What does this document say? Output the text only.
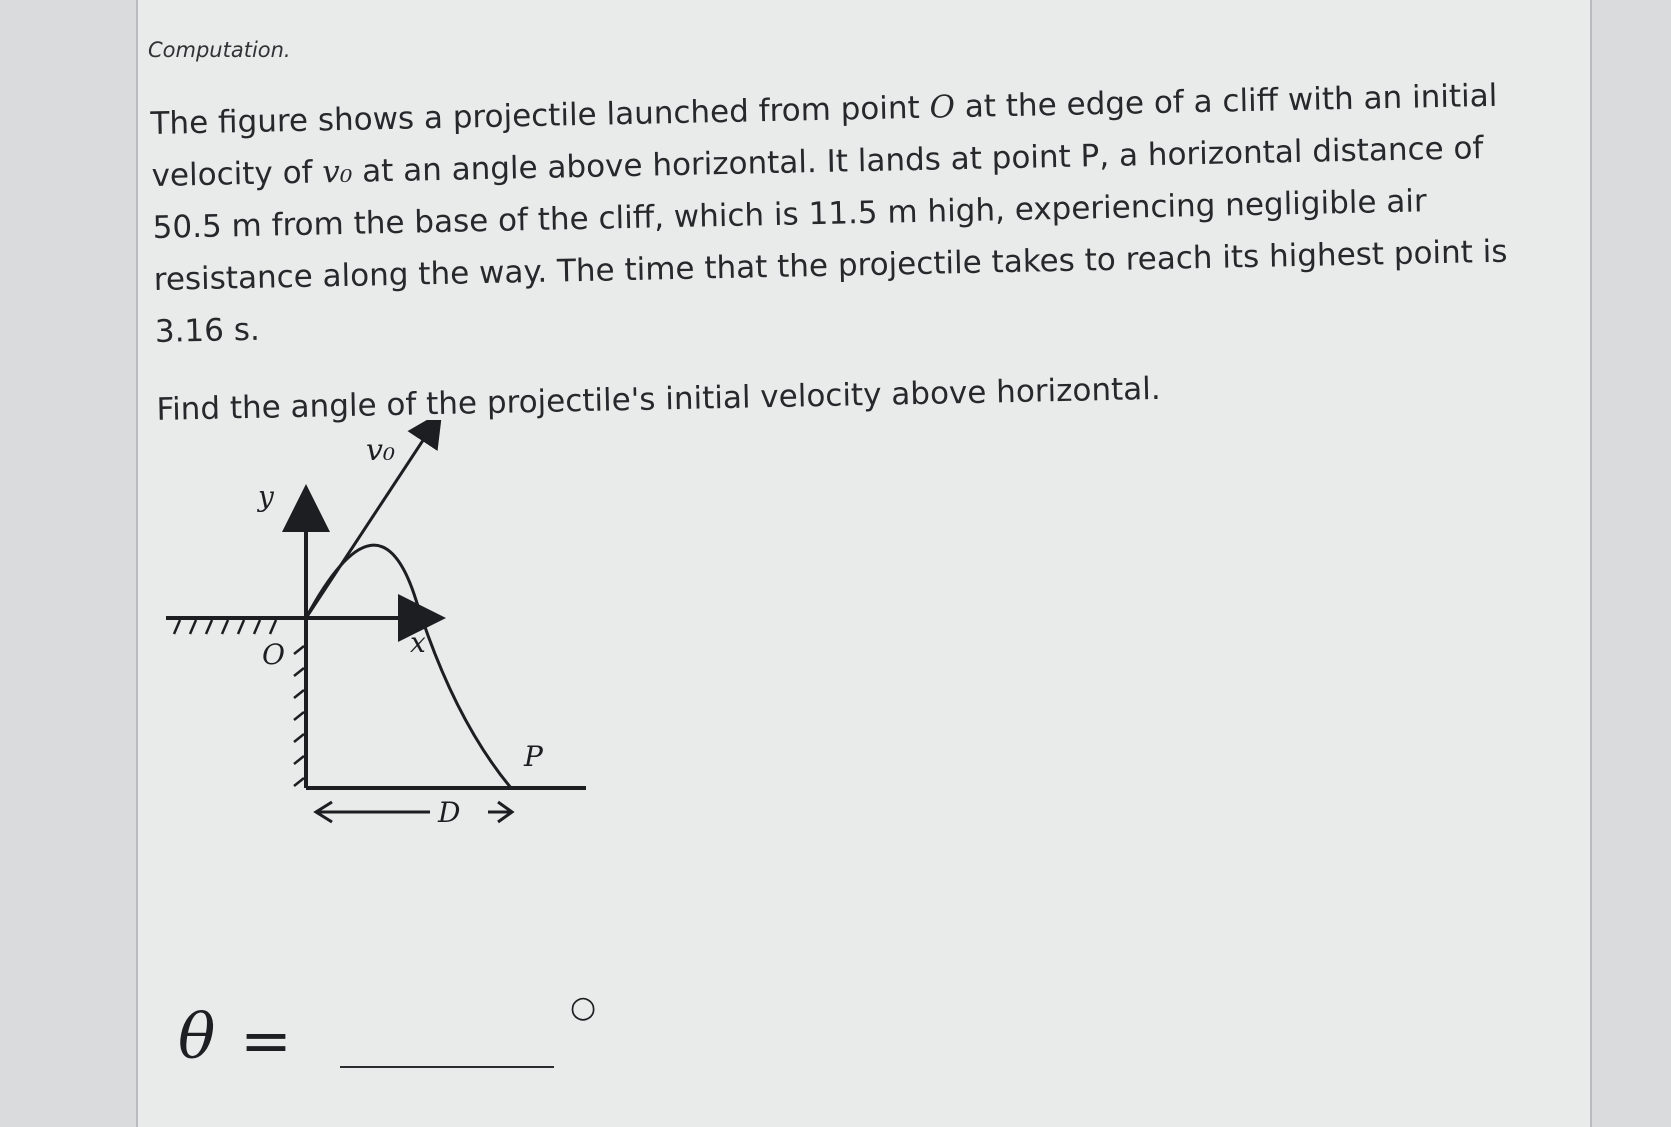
Computation.

The figure shows a projectile launched from point O at the edge of a cliff with an initial velocity of v₀ at an angle above horizontal. It lands at point P, a horizontal distance of 50.5 m from the base of the cliff, which is 11.5 m high, experiencing negligible air resistance along the way. The time that the projectile takes to reach its highest point is 3.16 s.

Find the angle of the projectile's initial velocity above horizontal.

v₀
y
x
O
P
D
θ =	○
